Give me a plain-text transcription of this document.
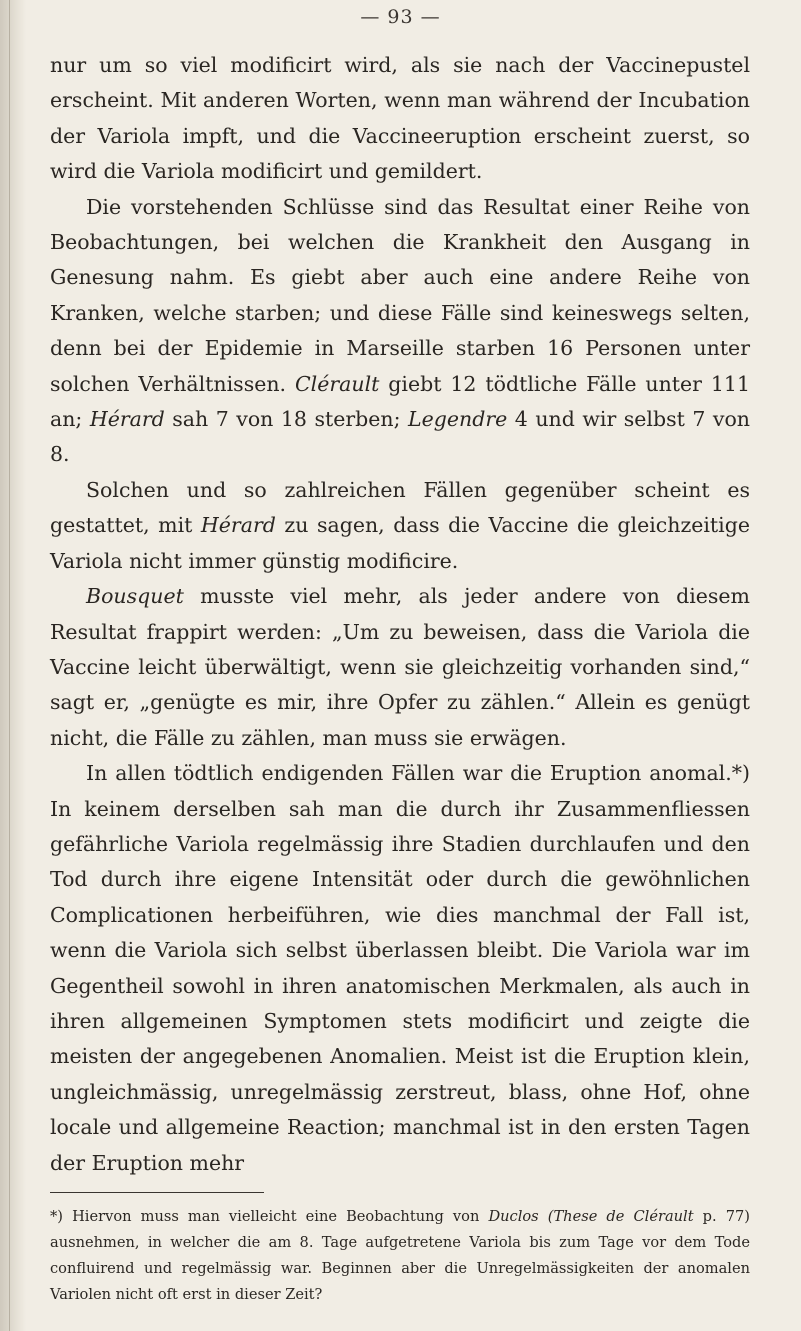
— 93 —

nur um so viel modificirt wird, als sie nach der Vaccinepustel erscheint. Mit anderen Worten, wenn man während der Incubation der Variola impft, und die Vaccineeruption erscheint zuerst, so wird die Variola modificirt und gemildert.

Die vorstehenden Schlüsse sind das Resultat einer Reihe von Beobachtungen, bei welchen die Krankheit den Ausgang in Genesung nahm. Es giebt aber auch eine andere Reihe von Kranken, welche starben; und diese Fälle sind keineswegs selten, denn bei der Epidemie in Marseille starben 16 Personen unter solchen Verhältnissen. Clérault giebt 12 tödtliche Fälle unter 111 an; Hérard sah 7 von 18 sterben; Legendre 4 und wir selbst 7 von 8.

Solchen und so zahlreichen Fällen gegenüber scheint es gestattet, mit Hérard zu sagen, dass die Vaccine die gleichzeitige Variola nicht immer günstig modificire.

Bousquet musste viel mehr, als jeder andere von diesem Resultat frappirt werden: „Um zu beweisen, dass die Variola die Vaccine leicht überwältigt, wenn sie gleichzeitig vorhanden sind,“ sagt er, „genügte es mir, ihre Opfer zu zählen.“ Allein es genügt nicht, die Fälle zu zählen, man muss sie erwägen.

In allen tödtlich endigenden Fällen war die Eruption anomal.*) In keinem derselben sah man die durch ihr Zusammenfliessen gefährliche Variola regelmässig ihre Stadien durchlaufen und den Tod durch ihre eigene Intensität oder durch die gewöhnlichen Complicationen herbeiführen, wie dies manchmal der Fall ist, wenn die Variola sich selbst überlassen bleibt. Die Variola war im Gegentheil sowohl in ihren anatomischen Merkmalen, als auch in ihren allgemeinen Symptomen stets modificirt und zeigte die meisten der angegebenen Anomalien. Meist ist die Eruption klein, ungleichmässig, unregelmässig zerstreut, blass, ohne Hof, ohne locale und allgemeine Reaction; manchmal ist in den ersten Tagen der Eruption mehr

*) Hiervon muss man vielleicht eine Beobachtung von Duclos (These de Clérault p. 77) ausnehmen, in welcher die am 8. Tage aufgetretene Variola bis zum Tage vor dem Tode confluirend und regelmässig war. Beginnen aber die Unregelmässigkeiten der anomalen Variolen nicht oft erst in dieser Zeit?
